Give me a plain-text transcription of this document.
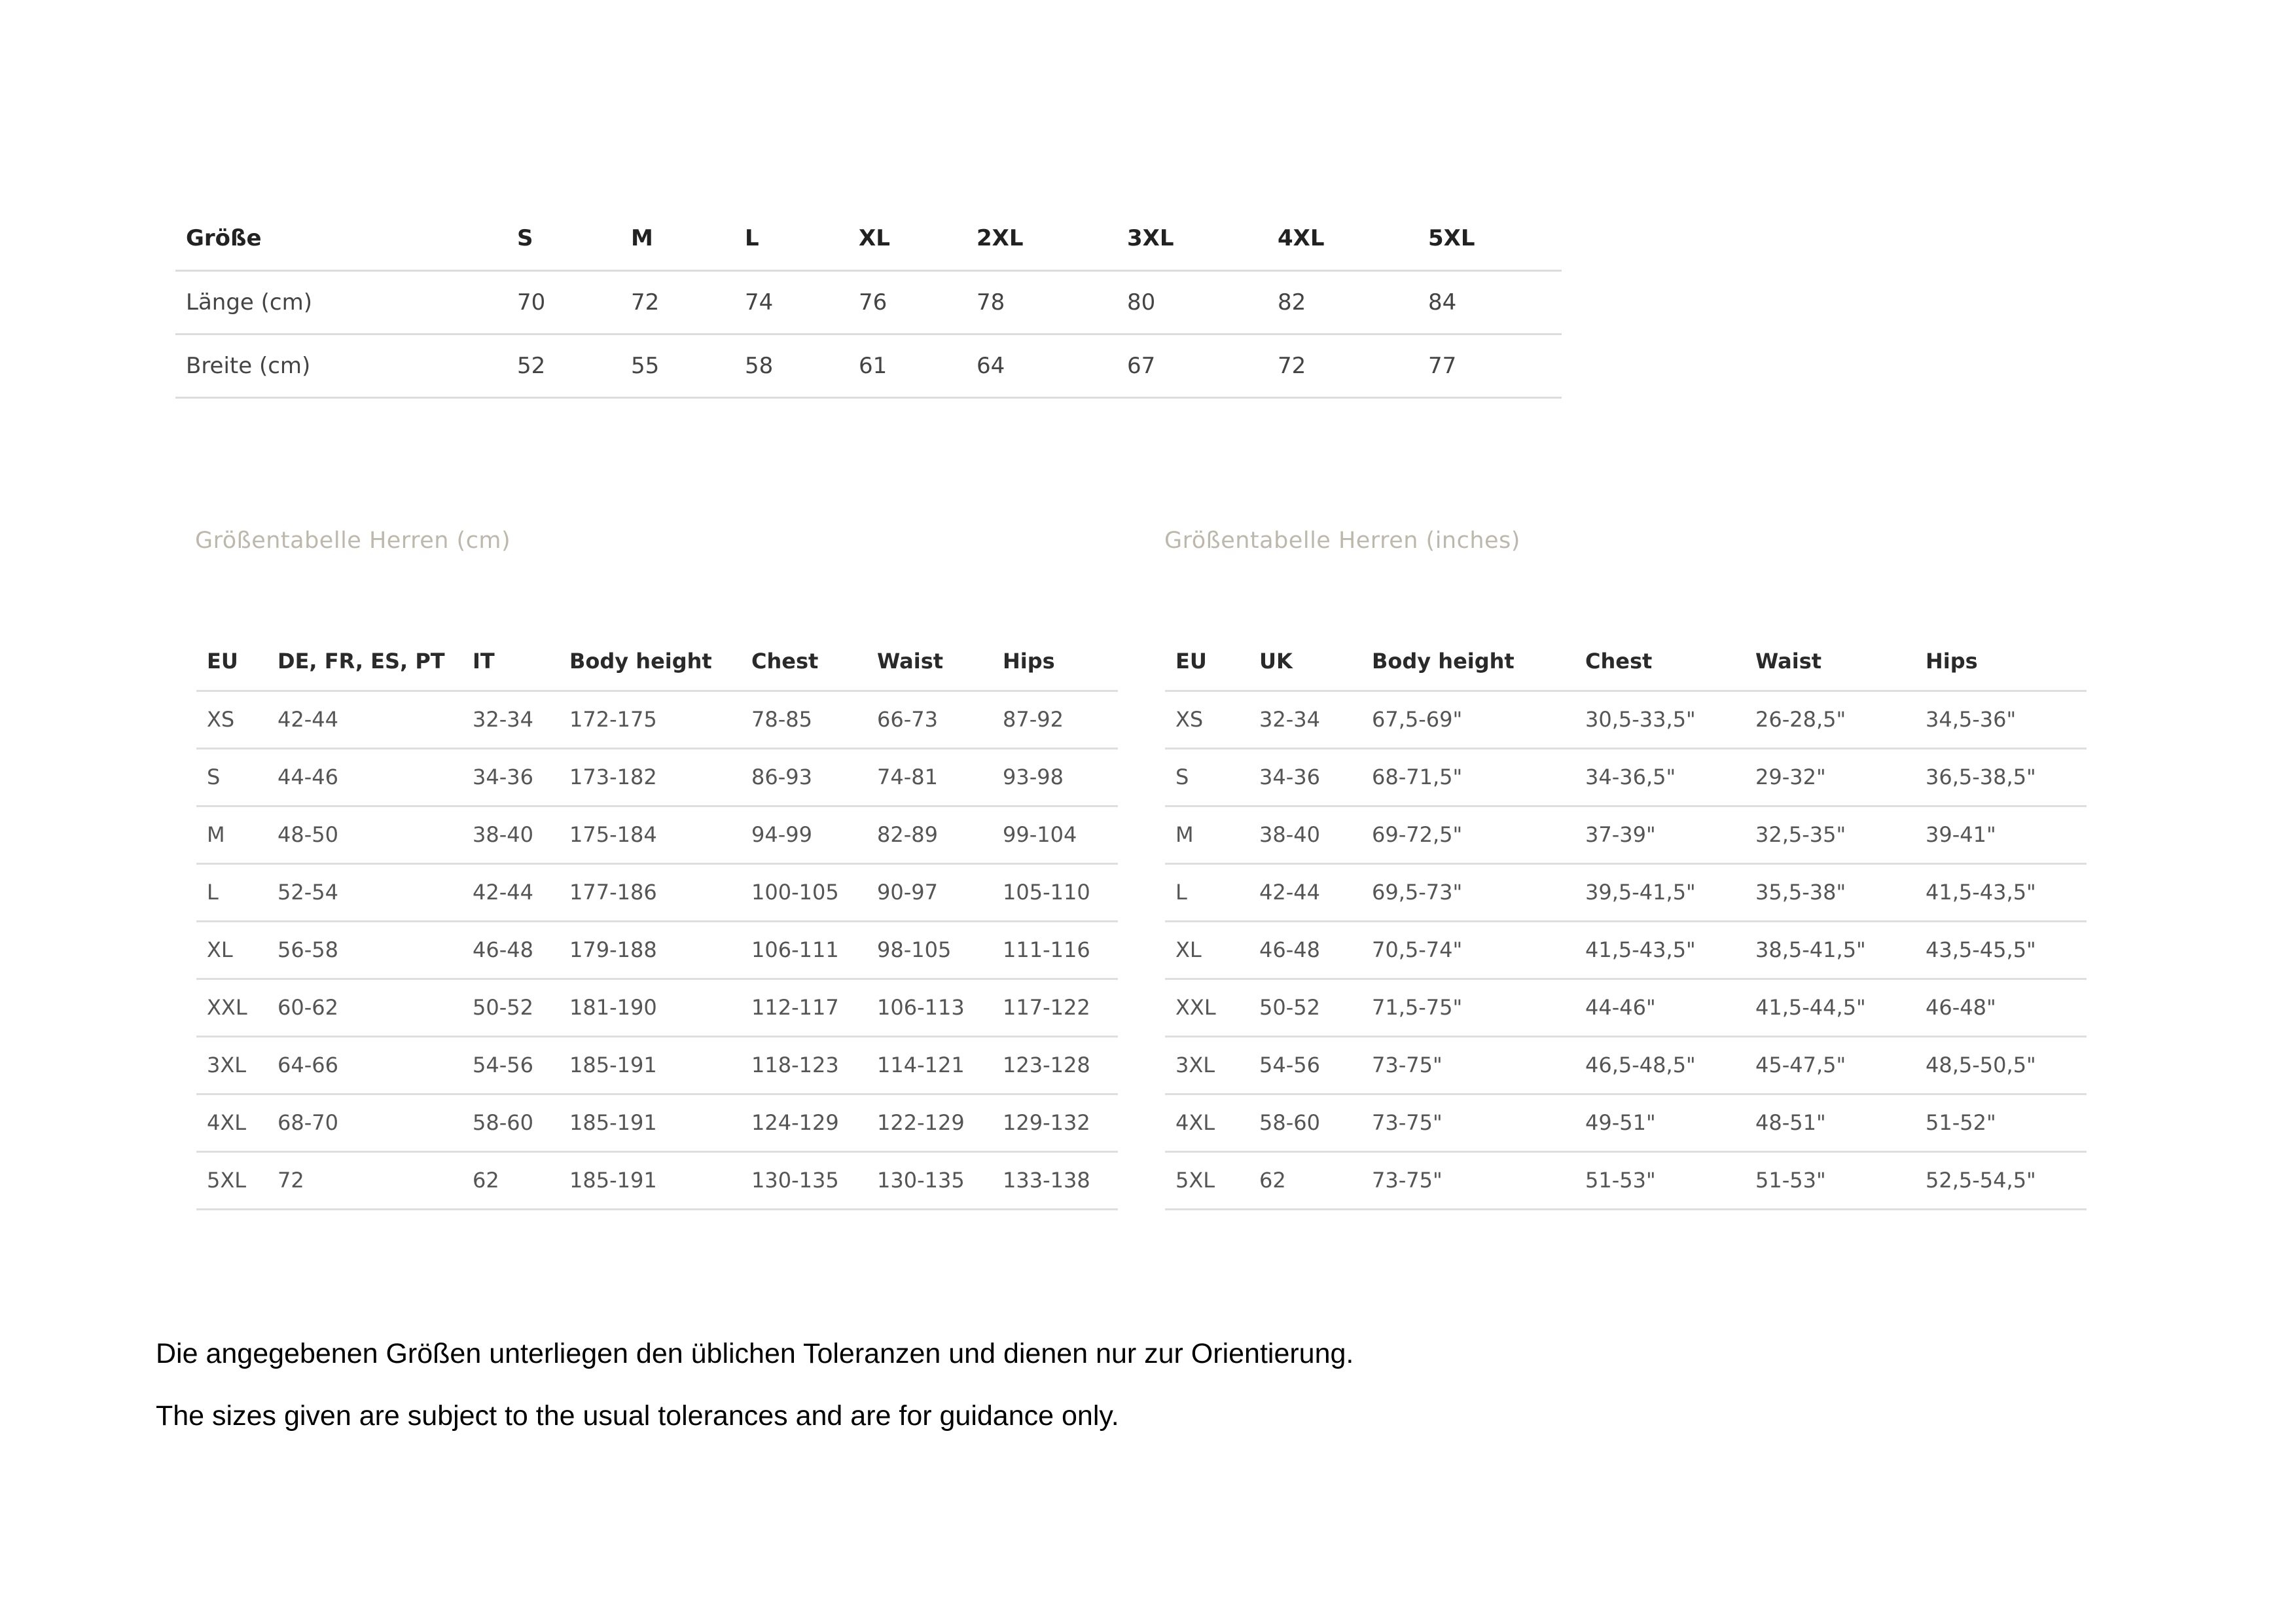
Größe	S	M	L	XL	2XL	3XL	4XL	5XL
Länge (cm)	70	72	74	76	78	80	82	84
Breite (cm)	52	55	58	61	64	67	72	77
Größentabelle Herren (cm)	Größentabelle Herren (inches)
EU	DE, FR, ES, PT	IT	Body height	Chest	Waist	Hips
XS	42-44	32-34	172-175	78-85	66-73	87-92
S	44-46	34-36	173-182	86-93	74-81	93-98
M	48-50	38-40	175-184	94-99	82-89	99-104
L	52-54	42-44	177-186	100-105	90-97	105-110
XL	56-58	46-48	179-188	106-111	98-105	111-116
XXL	60-62	50-52	181-190	112-117	106-113	117-122
3XL	64-66	54-56	185-191	118-123	114-121	123-128
4XL	68-70	58-60	185-191	124-129	122-129	129-132
5XL	72	62	185-191	130-135	130-135	133-138
EU	UK	Body height	Chest	Waist	Hips
XS	32-34	67,5-69"	30,5-33,5"	26-28,5"	34,5-36"
S	34-36	68-71,5"	34-36,5"	29-32"	36,5-38,5"
M	38-40	69-72,5"	37-39"	32,5-35"	39-41"
L	42-44	69,5-73"	39,5-41,5"	35,5-38"	41,5-43,5"
XL	46-48	70,5-74"	41,5-43,5"	38,5-41,5"	43,5-45,5"
XXL	50-52	71,5-75"	44-46"	41,5-44,5"	46-48"
3XL	54-56	73-75"	46,5-48,5"	45-47,5"	48,5-50,5"
4XL	58-60	73-75"	49-51"	48-51"	51-52"
5XL	62	73-75"	51-53"	51-53"	52,5-54,5"
Die angegebenen Größen unterliegen den üblichen Toleranzen und dienen nur zur Orientierung.
The sizes given are subject to the usual tolerances and are for guidance only.
